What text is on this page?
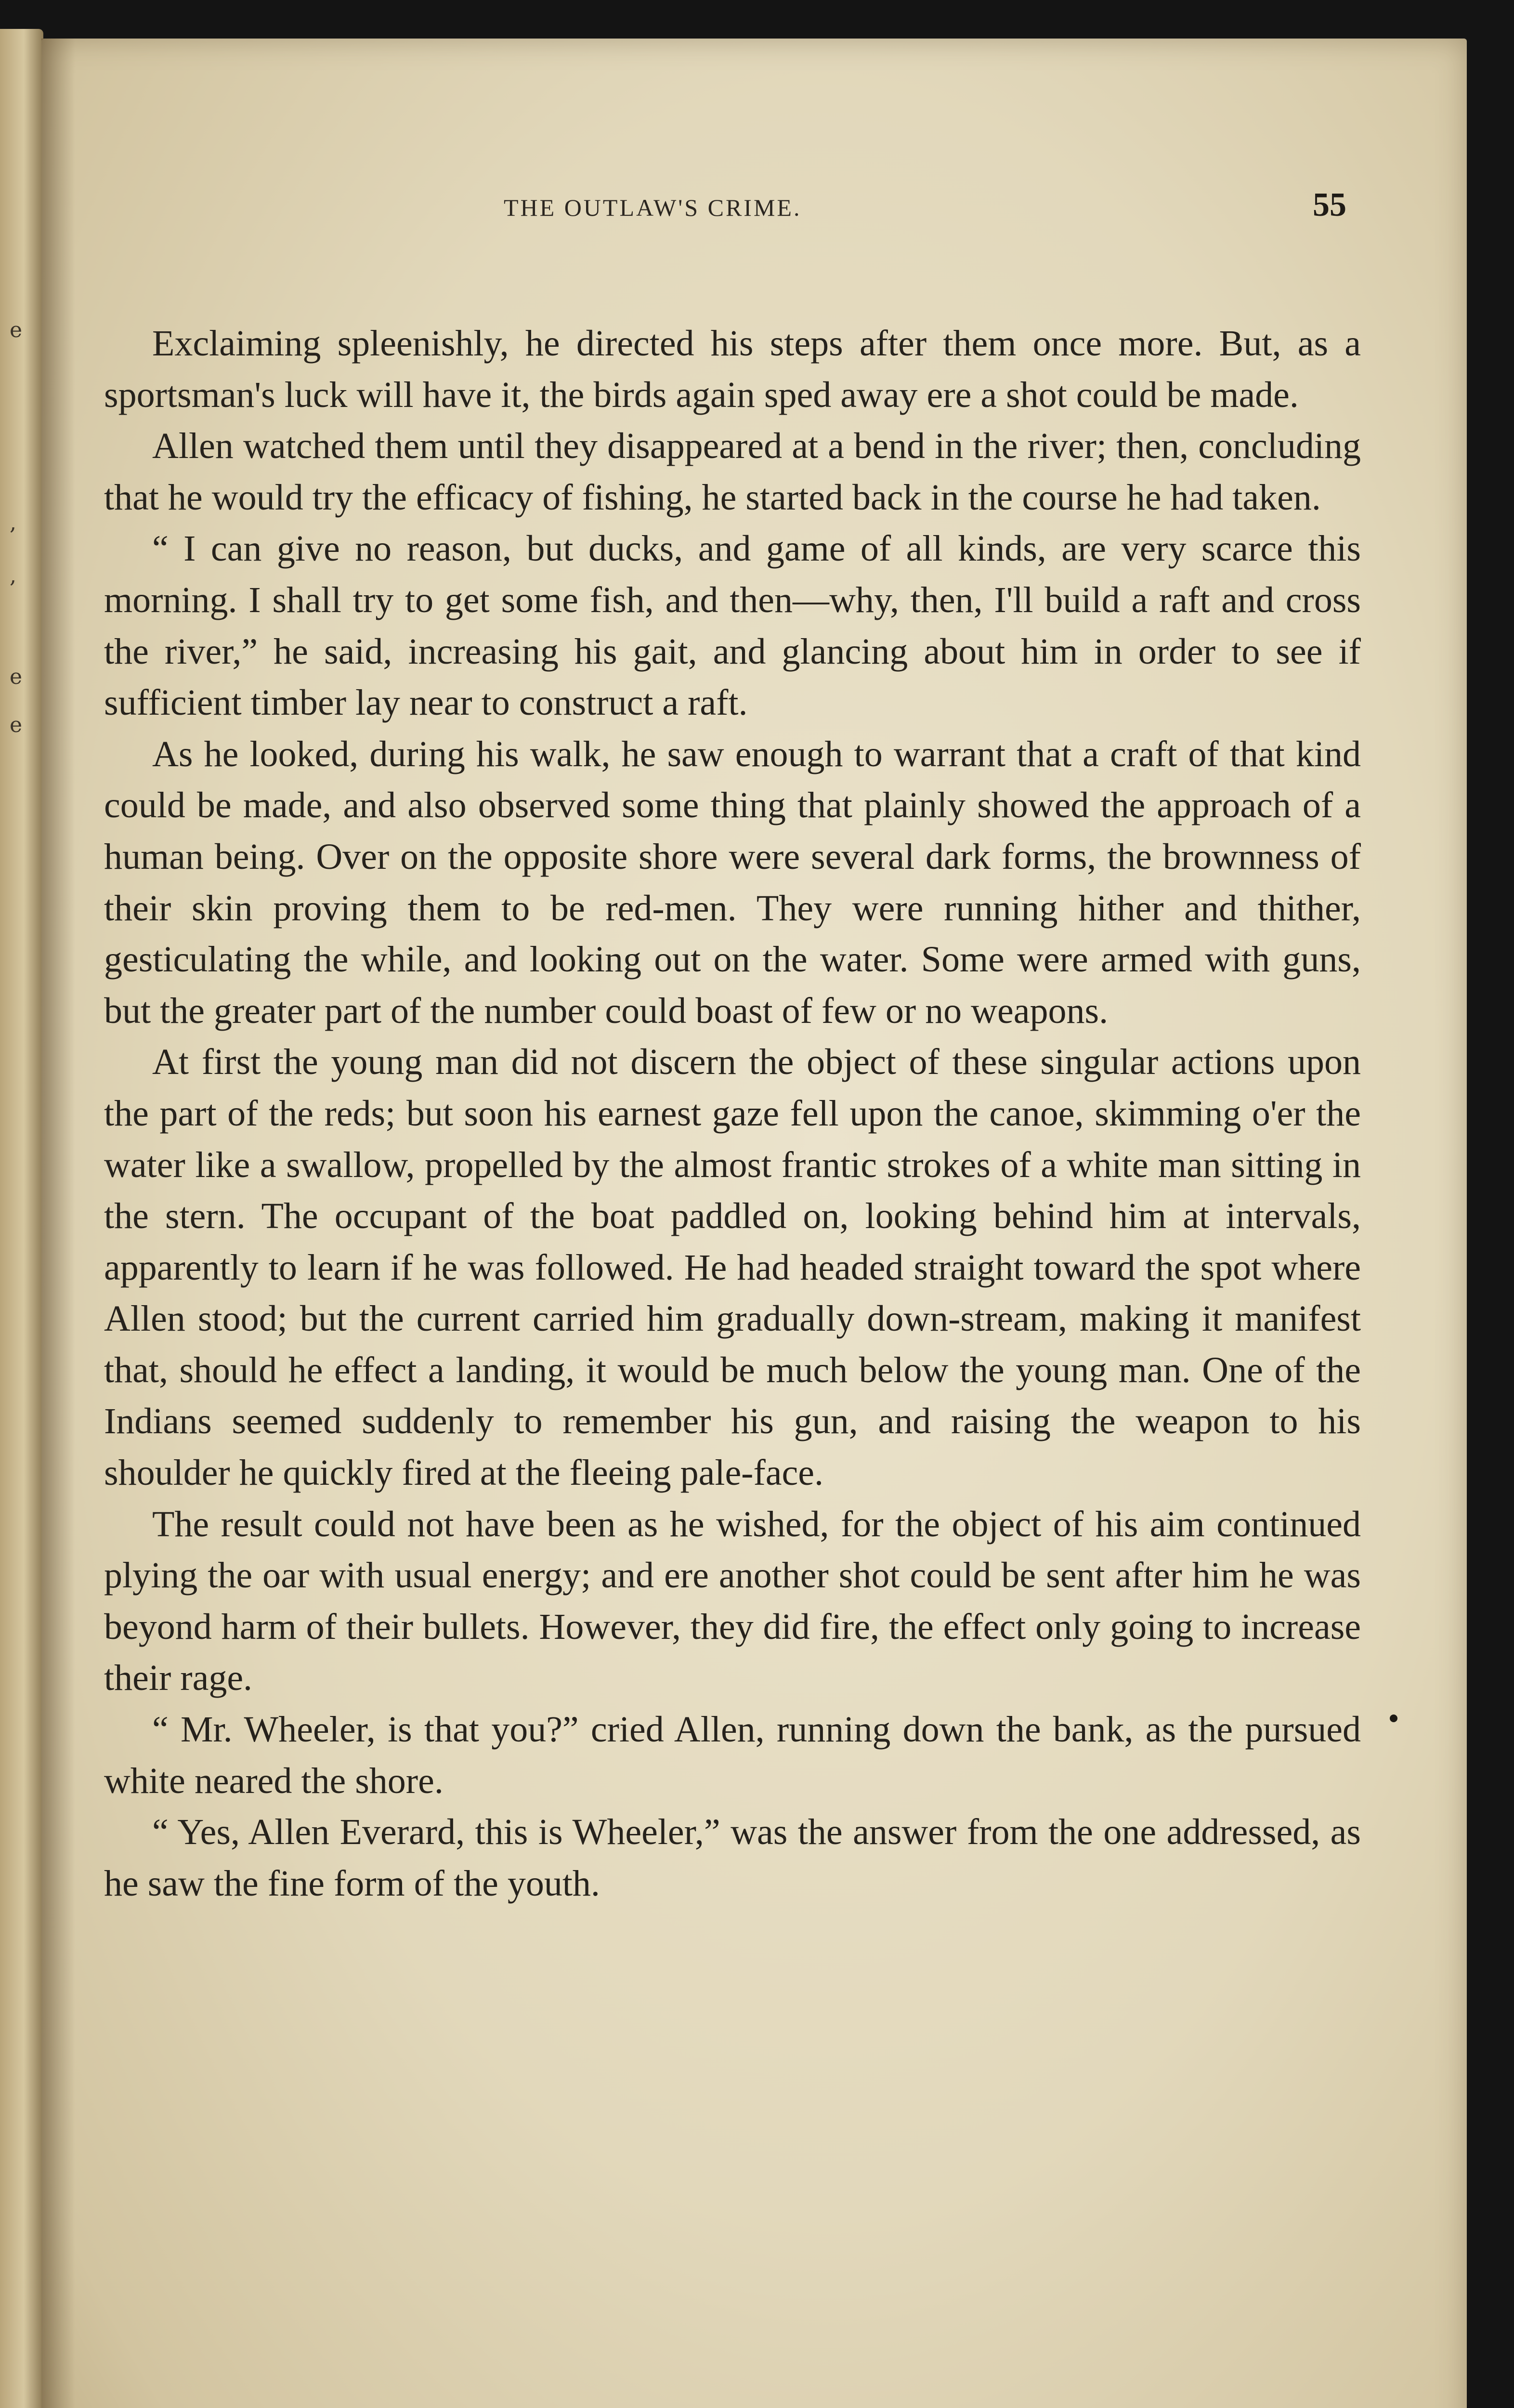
e
,
,
e
e
THE OUTLAW'S CRIME.	55

Exclaiming spleenishly, he directed his steps after them once more. But, as a sportsman's luck will have it, the birds again sped away ere a shot could be made.

Allen watched them until they disappeared at a bend in the river; then, concluding that he would try the efficacy of fishing, he started back in the course he had taken.

“ I can give no reason, but ducks, and game of all kinds, are very scarce this morning. I shall try to get some fish, and then—why, then, I'll build a raft and cross the river,” he said, increasing his gait, and glancing about him in order to see if sufficient timber lay near to construct a raft.

As he looked, during his walk, he saw enough to warrant that a craft of that kind could be made, and also observed some thing that plainly showed the approach of a human being. Over on the opposite shore were several dark forms, the brownness of their skin proving them to be red-men. They were running hither and thither, gesticulating the while, and looking out on the water. Some were armed with guns, but the greater part of the number could boast of few or no weapons.

At first the young man did not discern the object of these singular actions upon the part of the reds; but soon his earnest gaze fell upon the canoe, skimming o'er the water like a swallow, propelled by the almost frantic strokes of a white man sitting in the stern. The occupant of the boat paddled on, looking behind him at intervals, apparently to learn if he was followed. He had headed straight toward the spot where Allen stood; but the current carried him gradually down-stream, making it manifest that, should he effect a landing, it would be much below the young man. One of the Indians seemed suddenly to remember his gun, and raising the weapon to his shoulder he quickly fired at the fleeing pale-face.

The result could not have been as he wished, for the object of his aim continued plying the oar with usual energy; and ere another shot could be sent after him he was beyond harm of their bullets. However, they did fire, the effect only going to increase their rage.

“ Mr. Wheeler, is that you?” cried Allen, running down the bank, as the pursued white neared the shore.

“ Yes, Allen Everard, this is Wheeler,” was the answer from the one addressed, as he saw the fine form of the youth.
